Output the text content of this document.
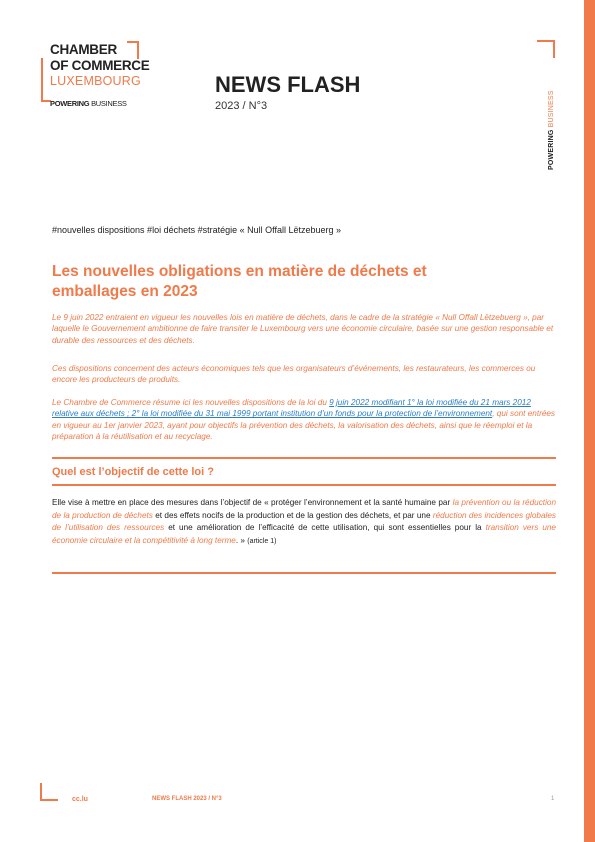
CHAMBER
OF COMMERCE
LUXEMBOURG
POWERING BUSINESS
NEWS FLASH
2023 / N°3
POWERING BUSINESS
#nouvelles dispositions #loi déchets #stratégie « Null Offall Lëtzebuerg »
Les nouvelles obligations en matière de déchets et emballages en 2023

Le 9 juin 2022 entraient en vigueur les nouvelles lois en matière de déchets, dans le cadre de la stratégie « Null Offall Lëtzebuerg », par laquelle le Gouvernement ambitionne de faire transiter le Luxembourg vers une économie circulaire, basée sur une gestion responsable et durable des ressources et des déchets.

Ces dispositions concernent des acteurs économiques tels que les organisateurs d’événements, les restaurateurs, les commerces ou encore les producteurs de produits.

Le Chambre de Commerce résume ici les nouvelles dispositions de la loi du 9 juin 2022 modifiant 1° la loi modifiée du 21 mars 2012 relative aux déchets ; 2° la loi modifiée du 31 mai 1999 portant institution d’un fonds pour la protection de l’environnement, qui sont entrées en vigueur au 1er janvier 2023, ayant pour objectifs la prévention des déchets, la valorisation des déchets, ainsi que le réemploi et la préparation à la réutilisation et au recyclage.

Quel est l’objectif de cette loi ?

Elle vise à mettre en place des mesures dans l’objectif de « protéger l’environnement et la santé humaine par la prévention ou la réduction de la production de déchets et des effets nocifs de la production et de la gestion des déchets, et par une réduction des incidences globales de l’utilisation des ressources et une amélioration de l’efficacité de cette utilisation, qui sont essentielles pour la transition vers une économie circulaire et la compétitivité à long terme. » (article 1)

cc.lu	NEWS FLASH 2023 / N°3	1
